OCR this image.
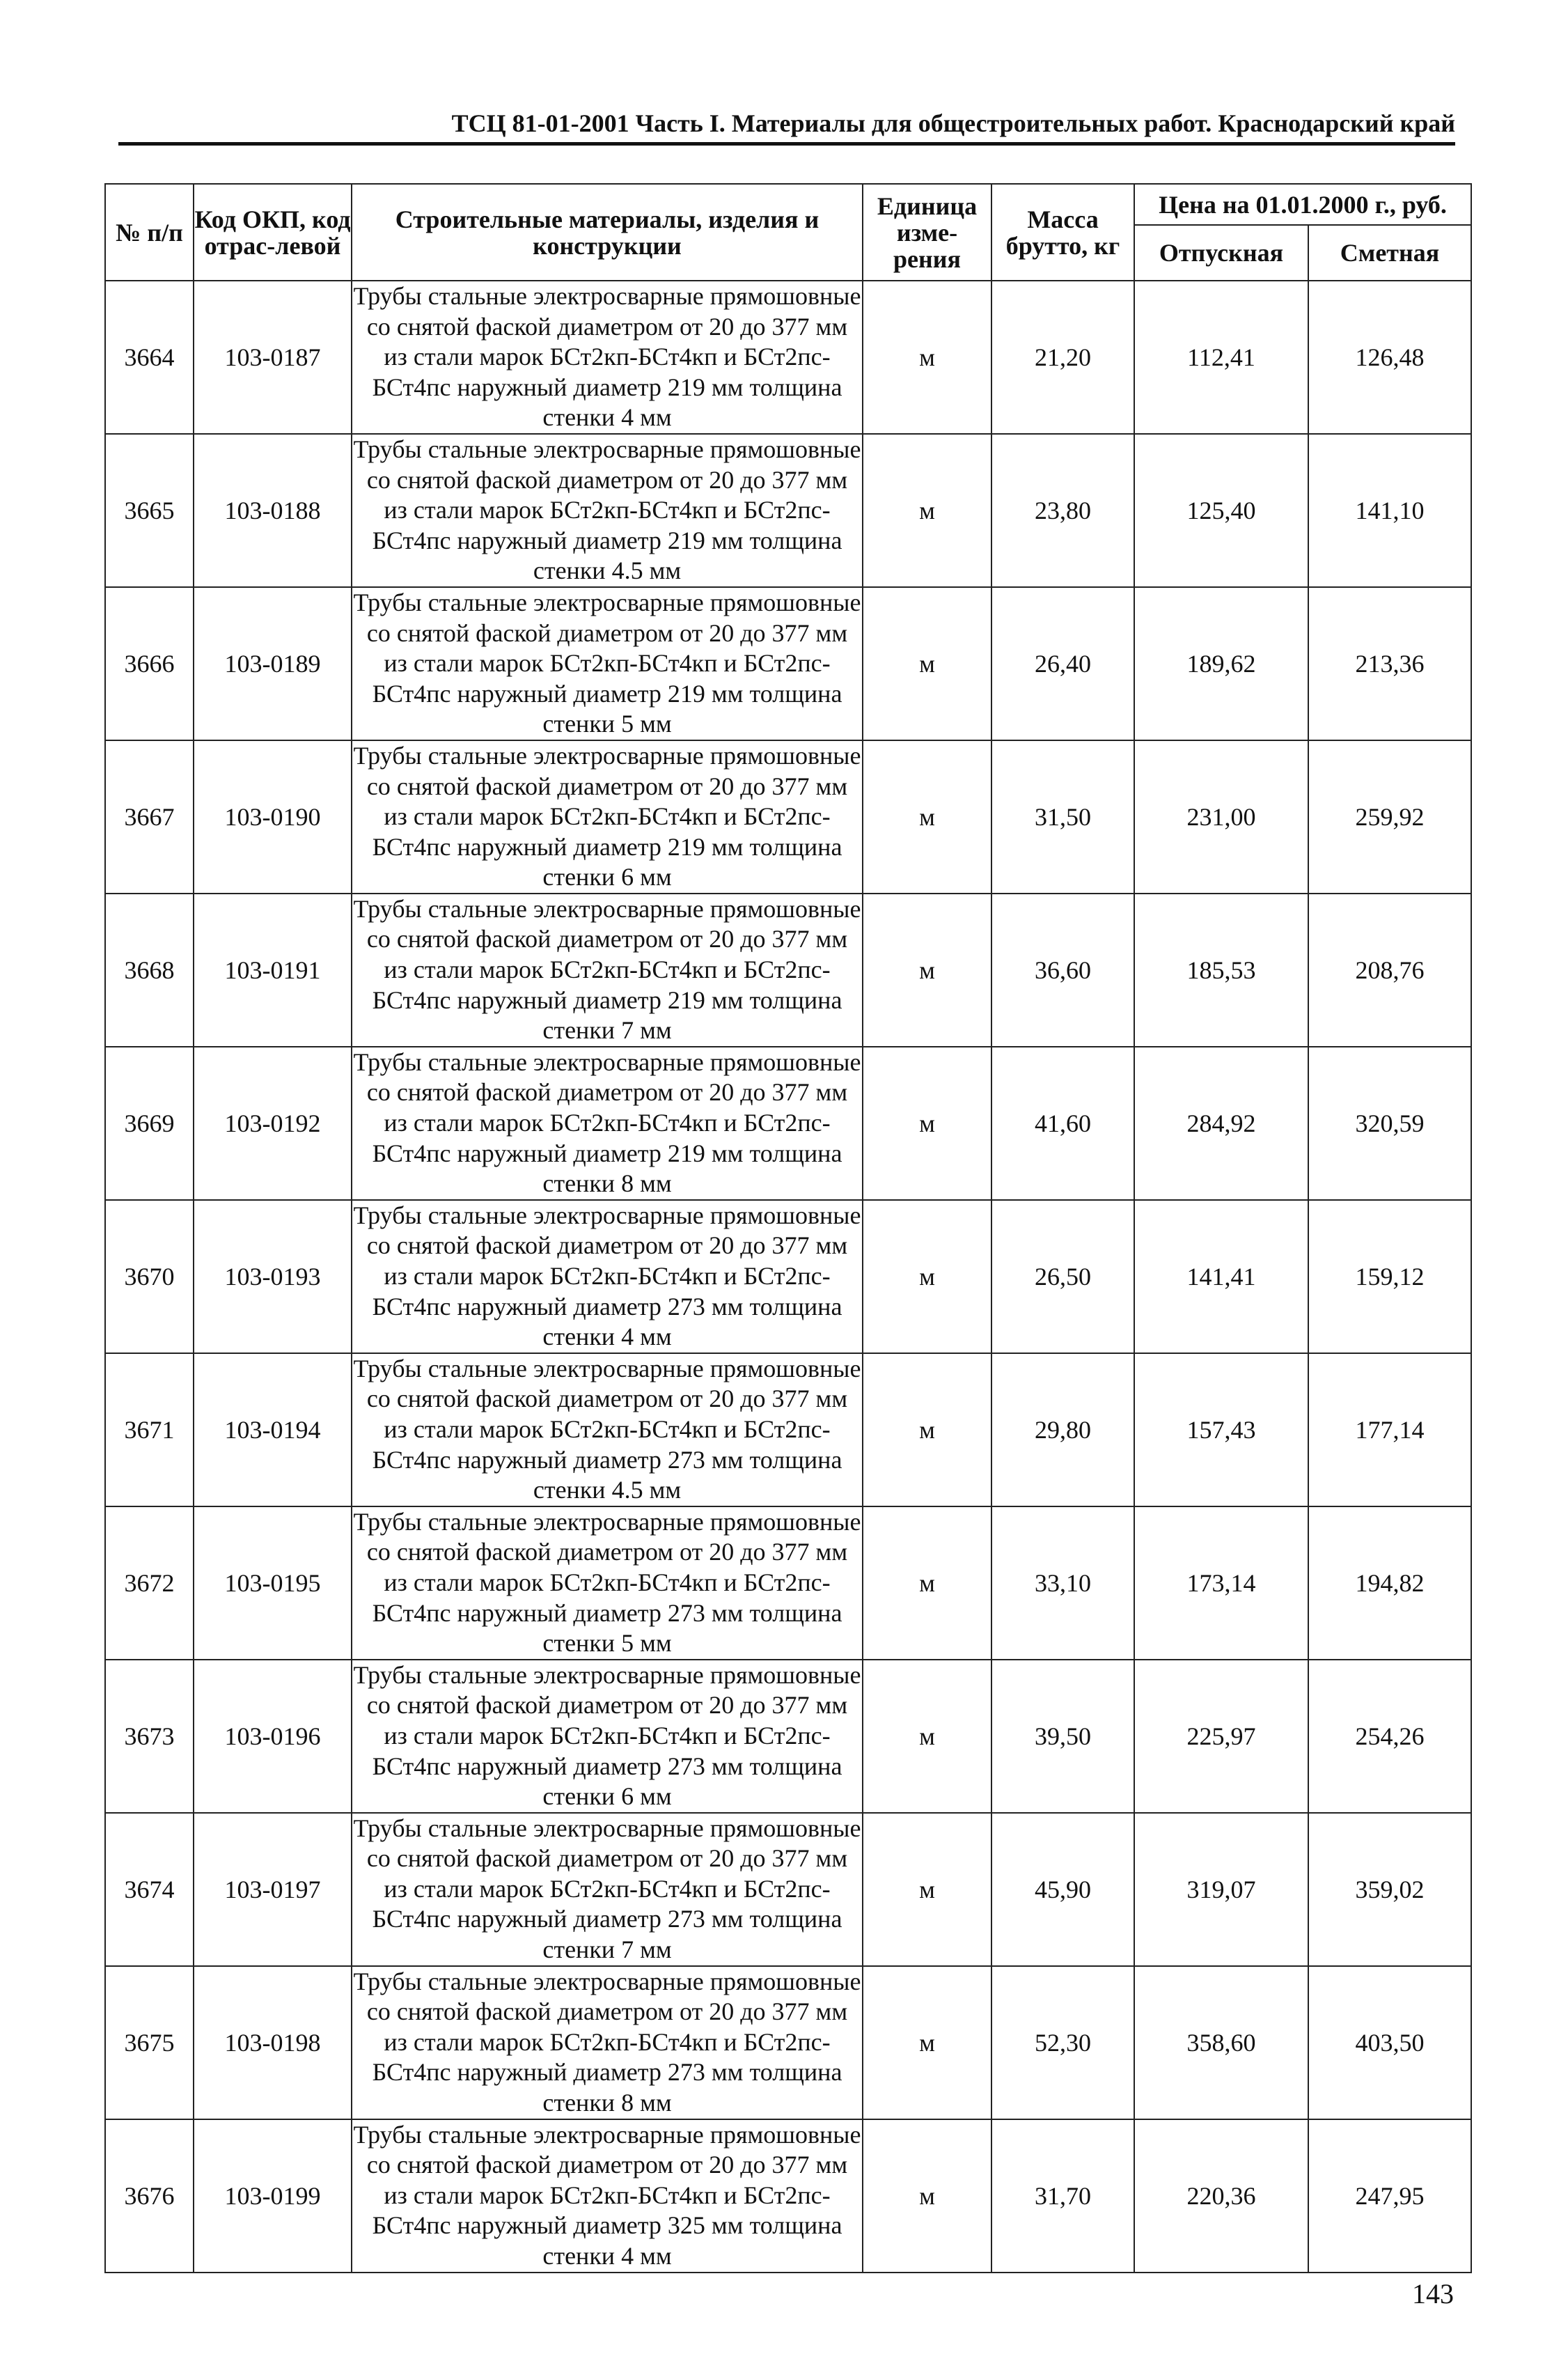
ТСЦ 81-01-2001 Часть I. Материалы для общестроительных работ. Краснодарский край
№ п/п	Код ОКП, код отрас-левой	Строительные материалы, изделия и конструкции	Единица изме-рения	Масса брутто, кг	Цена на 01.01.2000 г., руб.	
					Отпускная	Сметная
3664	103-0187	Трубы стальные электросварные прямошовные со снятой фаской диаметром от 20 до 377 мм из стали марок БСт2кп-БСт4кп и БСт2пс-БСт4пс наружный диаметр 219 мм толщина стенки 4 мм	м	21,20	112,41	126,48
3665	103-0188	Трубы стальные электросварные прямошовные со снятой фаской диаметром от 20 до 377 мм из стали марок БСт2кп-БСт4кп и БСт2пс-БСт4пс наружный диаметр 219 мм толщина стенки 4.5 мм	м	23,80	125,40	141,10
3666	103-0189	Трубы стальные электросварные прямошовные со снятой фаской диаметром от 20 до 377 мм из стали марок БСт2кп-БСт4кп и БСт2пс-БСт4пс наружный диаметр 219 мм толщина стенки 5 мм	м	26,40	189,62	213,36
3667	103-0190	Трубы стальные электросварные прямошовные со снятой фаской диаметром от 20 до 377 мм из стали марок БСт2кп-БСт4кп и БСт2пс-БСт4пс наружный диаметр 219 мм толщина стенки 6 мм	м	31,50	231,00	259,92
3668	103-0191	Трубы стальные электросварные прямошовные со снятой фаской диаметром от 20 до 377 мм из стали марок БСт2кп-БСт4кп и БСт2пс-БСт4пс наружный диаметр 219 мм толщина стенки 7 мм	м	36,60	185,53	208,76
3669	103-0192	Трубы стальные электросварные прямошовные со снятой фаской диаметром от 20 до 377 мм из стали марок БСт2кп-БСт4кп и БСт2пс-БСт4пс наружный диаметр 219 мм толщина стенки 8 мм	м	41,60	284,92	320,59
3670	103-0193	Трубы стальные электросварные прямошовные со снятой фаской диаметром от 20 до 377 мм из стали марок БСт2кп-БСт4кп и БСт2пс-БСт4пс наружный диаметр 273 мм толщина стенки 4 мм	м	26,50	141,41	159,12
3671	103-0194	Трубы стальные электросварные прямошовные со снятой фаской диаметром от 20 до 377 мм из стали марок БСт2кп-БСт4кп и БСт2пс-БСт4пс наружный диаметр 273 мм толщина стенки 4.5 мм	м	29,80	157,43	177,14
3672	103-0195	Трубы стальные электросварные прямошовные со снятой фаской диаметром от 20 до 377 мм из стали марок БСт2кп-БСт4кп и БСт2пс-БСт4пс наружный диаметр 273 мм толщина стенки 5 мм	м	33,10	173,14	194,82
3673	103-0196	Трубы стальные электросварные прямошовные со снятой фаской диаметром от 20 до 377 мм из стали марок БСт2кп-БСт4кп и БСт2пс-БСт4пс наружный диаметр 273 мм толщина стенки 6 мм	м	39,50	225,97	254,26
3674	103-0197	Трубы стальные электросварные прямошовные со снятой фаской диаметром от 20 до 377 мм из стали марок БСт2кп-БСт4кп и БСт2пс-БСт4пс наружный диаметр 273 мм толщина стенки 7 мм	м	45,90	319,07	359,02
3675	103-0198	Трубы стальные электросварные прямошовные со снятой фаской диаметром от 20 до 377 мм из стали марок БСт2кп-БСт4кп и БСт2пс-БСт4пс наружный диаметр 273 мм толщина стенки 8 мм	м	52,30	358,60	403,50
3676	103-0199	Трубы стальные электросварные прямошовные со снятой фаской диаметром от 20 до 377 мм из стали марок БСт2кп-БСт4кп и БСт2пс-БСт4пс наружный диаметр 325 мм толщина стенки 4 мм	м	31,70	220,36	247,95
143
